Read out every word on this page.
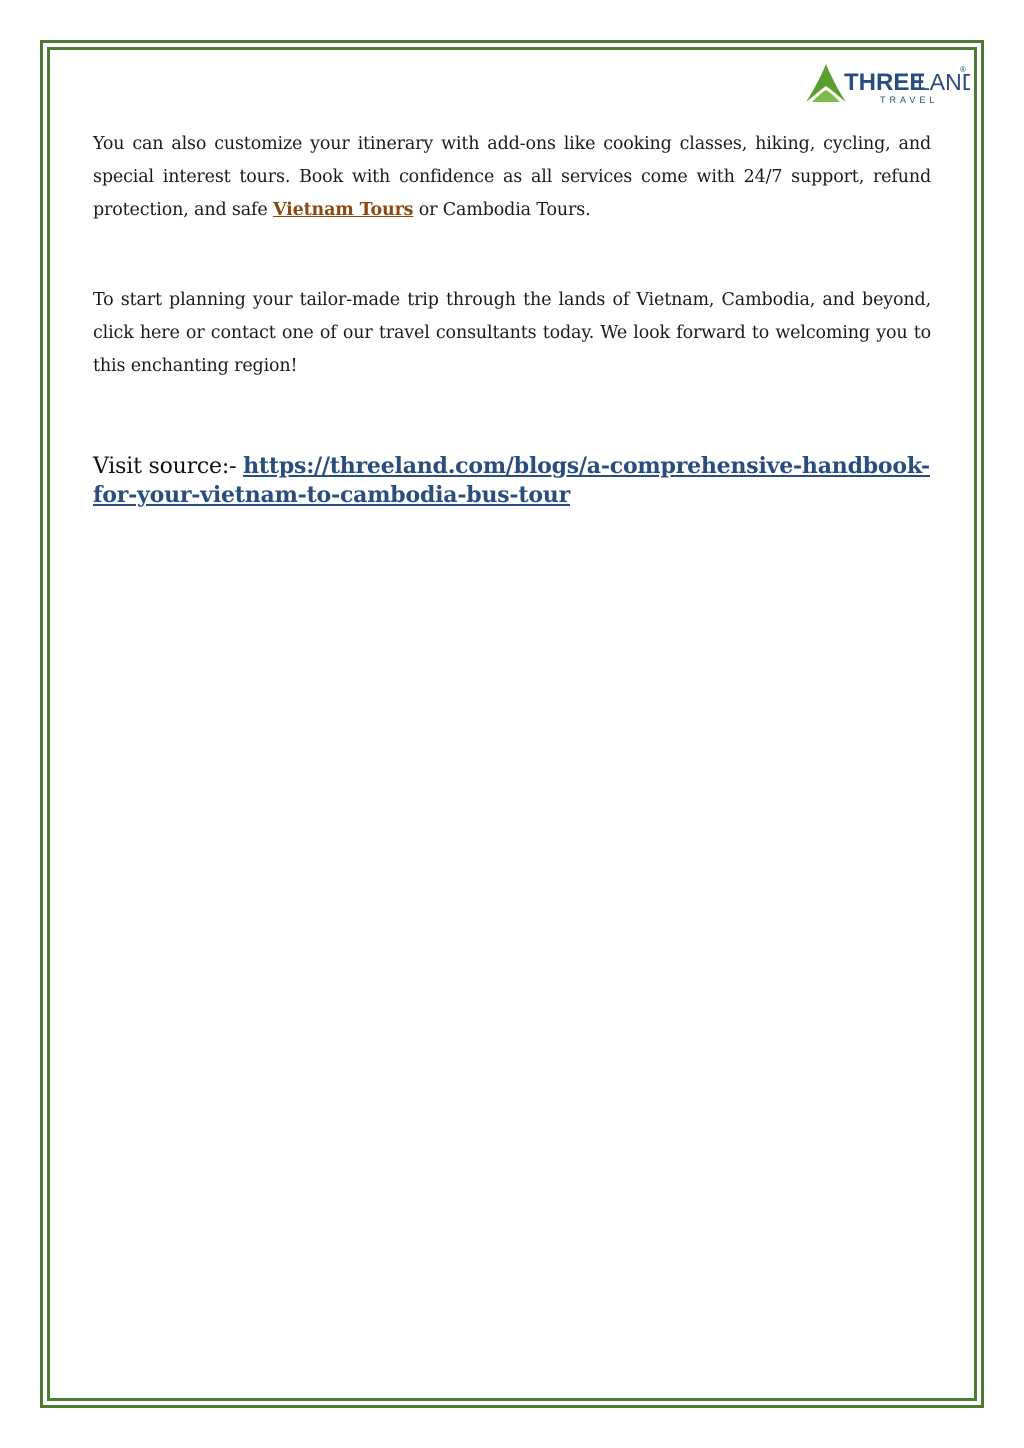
THREE
LAN
®
TRAVEL

You can also customize your itinerary with add-ons like cooking classes, hiking, cycling, and special interest tours. Book with confidence as all services come with 24/7 support, refund protection, and safe Vietnam Tours or Cambodia Tours.

To start planning your tailor-made trip through the lands of Vietnam, Cambodia, and beyond, click here or contact one of our travel consultants today. We look forward to welcoming you to this enchanting region!

Visit source:- https://threeland.com/blogs/a-comprehensive-handbook-for-your-vietnam-to-cambodia-bus-tour
